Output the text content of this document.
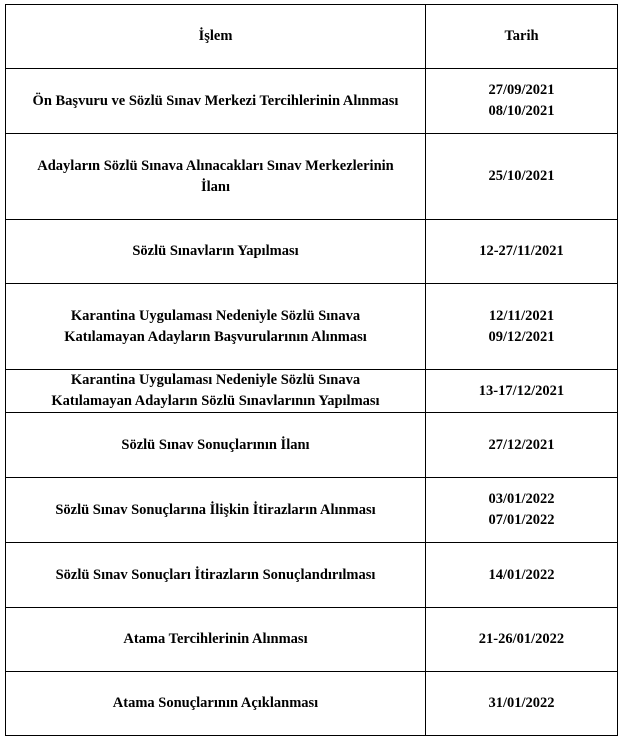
İşlem	Tarih

Ön Başvuru ve Sözlü Sınav Merkezi Tercihlerinin Alınması	27/09/2021
08/10/2021

Adayların Sözlü Sınava Alınacakları Sınav Merkezlerinin
İlanı	25/10/2021

Sözlü Sınavların Yapılması	12-27/11/2021

Karantina Uygulaması Nedeniyle Sözlü Sınava
Katılamayan Adayların Başvurularının Alınması	12/11/2021
09/12/2021

Karantina Uygulaması Nedeniyle Sözlü Sınava
Katılamayan Adayların Sözlü Sınavlarının Yapılması	13-17/12/2021

Sözlü Sınav Sonuçlarının İlanı	27/12/2021

Sözlü Sınav Sonuçlarına İlişkin İtirazların Alınması	03/01/2022
07/01/2022

Sözlü Sınav Sonuçları İtirazların Sonuçlandırılması	14/01/2022

Atama Tercihlerinin Alınması	21-26/01/2022

Atama Sonuçlarının Açıklanması	31/01/2022
